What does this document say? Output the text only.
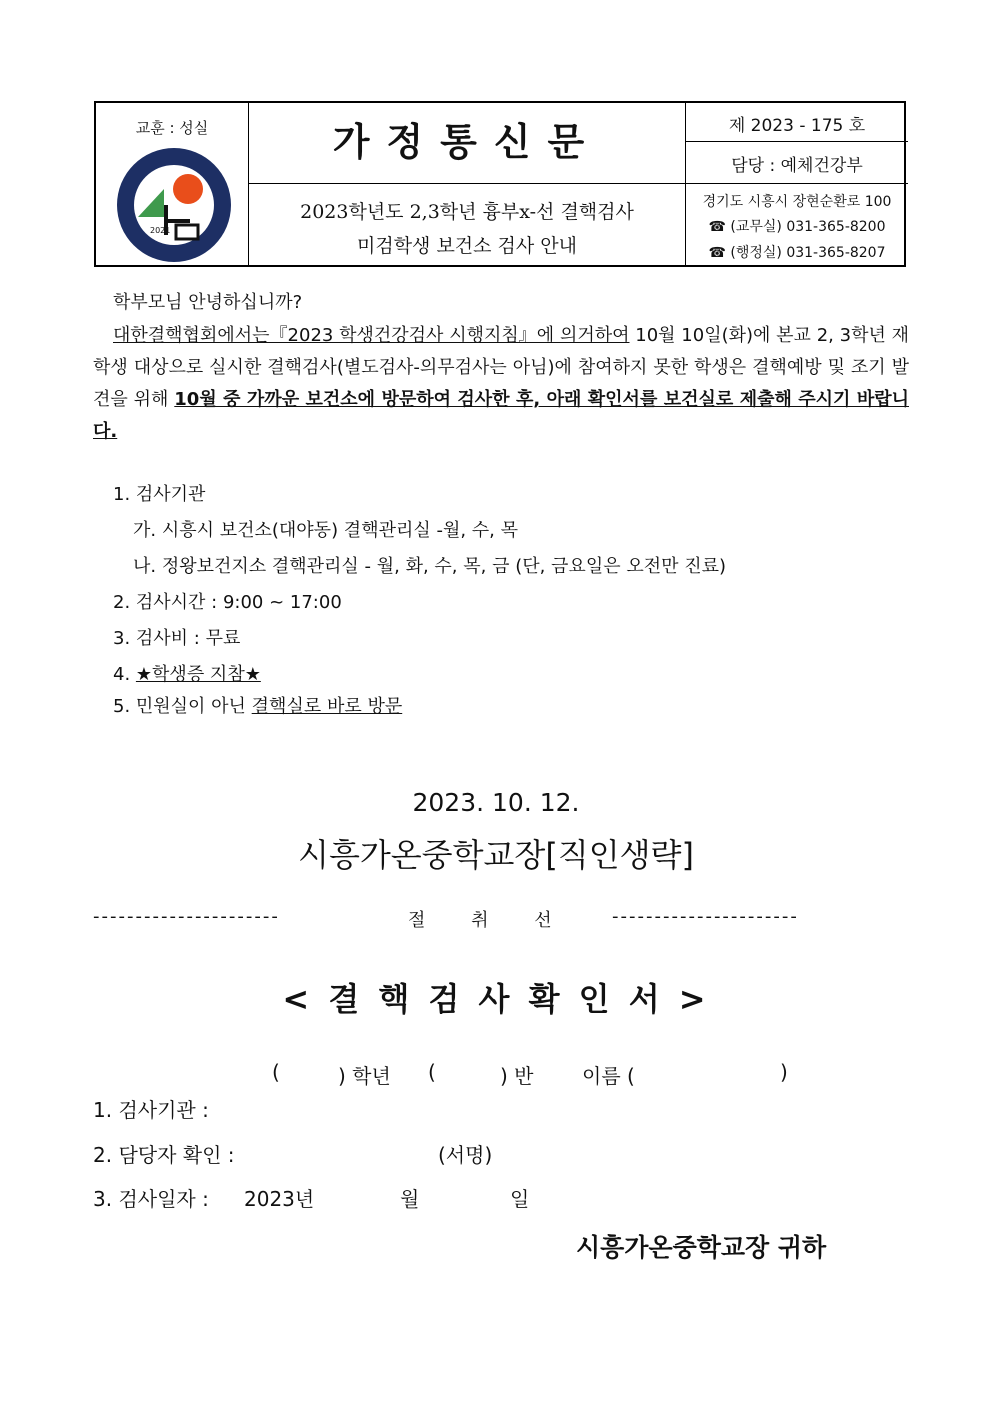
교훈 : 성실
2021
가정통신문
2023학년도 2,3학년 흉부x-선 결핵검사
미검학생 보건소 검사 안내
제 2023 - 175 호
담당 : 예체건강부
경기도 시흥시 장현순환로 100
☎ (교무실) 031-365-8200
☎ (행정실) 031-365-8207
학부모님 안녕하십니까?
대한결핵협회에서는『2023 학생건강검사 시행지침』에 의거하여 10월 10일(화)에 본교 2, 3학년 재학생 대상으로 실시한 결핵검사(별도검사-의무검사는 아님)에 참여하지 못한 학생은 결핵예방 및 조기 발견을 위해 10월 중 가까운 보건소에 방문하여 검사한 후, 아래 확인서를 보건실로 제출해 주시기 바랍니다.
1. 검사기관
가. 시흥시 보건소(대야동) 결핵관리실 -월, 수, 목
나. 정왕보건지소 결핵관리실 - 월, 화, 수, 목, 금 (단, 금요일은 오전만 진료)
2. 검사시간 : 9:00 ~ 17:00
3. 검사비 : 무료
4. ★학생증 지참★
5. 민원실이 아닌 결핵실로 바로 방문
2023. 10. 12.
시흥가온중학교장[직인생략]
----------------------	절 취 선 ----------------------
< 결 핵 검 사 확 인 서 >
(	) 학년 (	) 반 이름 (	)
1. 검사기관 :
2. 담당자 확인 :	(서명)
3. 검사일자 : 2023년	월	일
시흥가온중학교장 귀하
